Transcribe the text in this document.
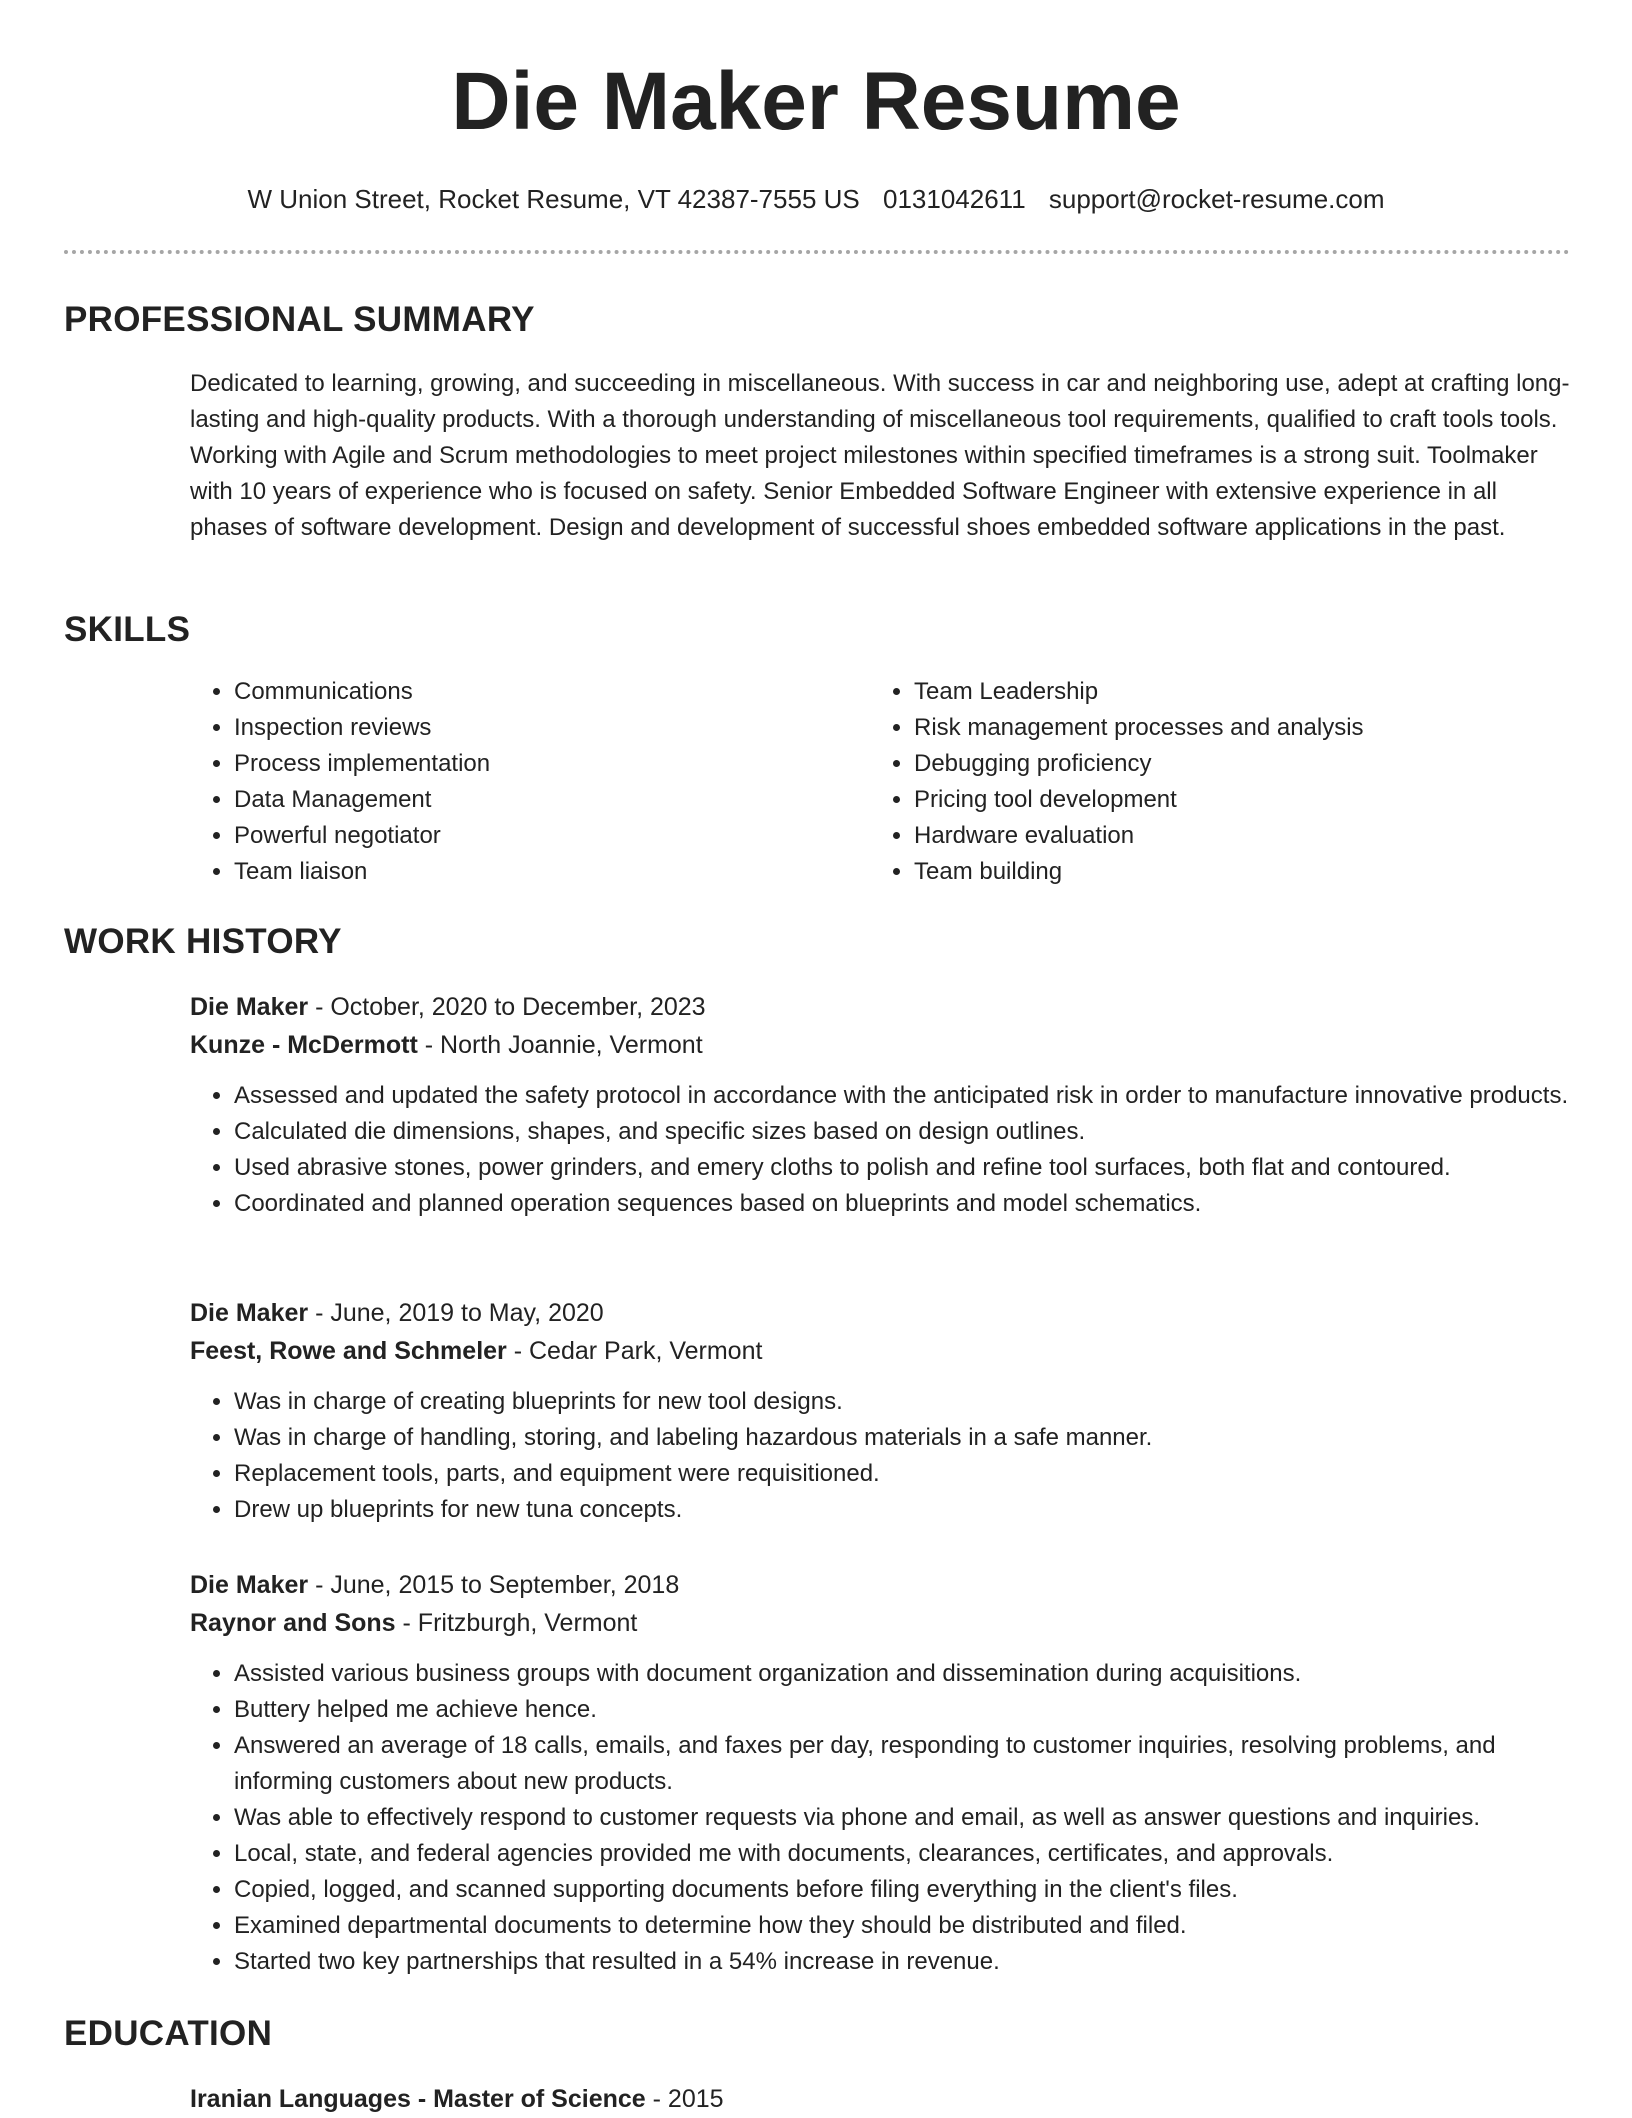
Die Maker Resume
W Union Street, Rocket Resume, VT 42387-7555 US 0131042611 support@rocket-resume.com
PROFESSIONAL SUMMARY

Dedicated to learning, growing, and succeeding in miscellaneous. With success in car and neighboring use, adept at crafting long-lasting and high-quality products. With a thorough understanding of miscellaneous tool requirements, qualified to craft tools tools. Working with Agile and Scrum methodologies to meet project milestones within specified timeframes is a strong suit. Toolmaker with 10 years of experience who is focused on safety. Senior Embedded Software Engineer with extensive experience in all phases of software development. Design and development of successful shoes embedded software applications in the past.

SKILLS
• Communications
• Inspection reviews
• Process implementation
• Data Management
• Powerful negotiator
• Team liaison
• Team Leadership
• Risk management processes and analysis
• Debugging proficiency
• Pricing tool development
• Hardware evaluation
• Team building
WORK HISTORY
Die Maker - October, 2020 to December, 2023
Kunze - McDermott - North Joannie, Vermont
• Assessed and updated the safety protocol in accordance with the anticipated risk in order to manufacture innovative products.
• Calculated die dimensions, shapes, and specific sizes based on design outlines.
• Used abrasive stones, power grinders, and emery cloths to polish and refine tool surfaces, both flat and contoured.
• Coordinated and planned operation sequences based on blueprints and model schematics.
Die Maker - June, 2019 to May, 2020
Feest, Rowe and Schmeler - Cedar Park, Vermont
• Was in charge of creating blueprints for new tool designs.
• Was in charge of handling, storing, and labeling hazardous materials in a safe manner.
• Replacement tools, parts, and equipment were requisitioned.
• Drew up blueprints for new tuna concepts.
Die Maker - June, 2015 to September, 2018
Raynor and Sons - Fritzburgh, Vermont
• Assisted various business groups with document organization and dissemination during acquisitions.
• Buttery helped me achieve hence.
• Answered an average of 18 calls, emails, and faxes per day, responding to customer inquiries, resolving problems, and informing customers about new products.
• Was able to effectively respond to customer requests via phone and email, as well as answer questions and inquiries.
• Local, state, and federal agencies provided me with documents, clearances, certificates, and approvals.
• Copied, logged, and scanned supporting documents before filing everything in the client's files.
• Examined departmental documents to determine how they should be distributed and filed.
• Started two key partnerships that resulted in a 54% increase in revenue.
EDUCATION
Iranian Languages - Master of Science - 2015
